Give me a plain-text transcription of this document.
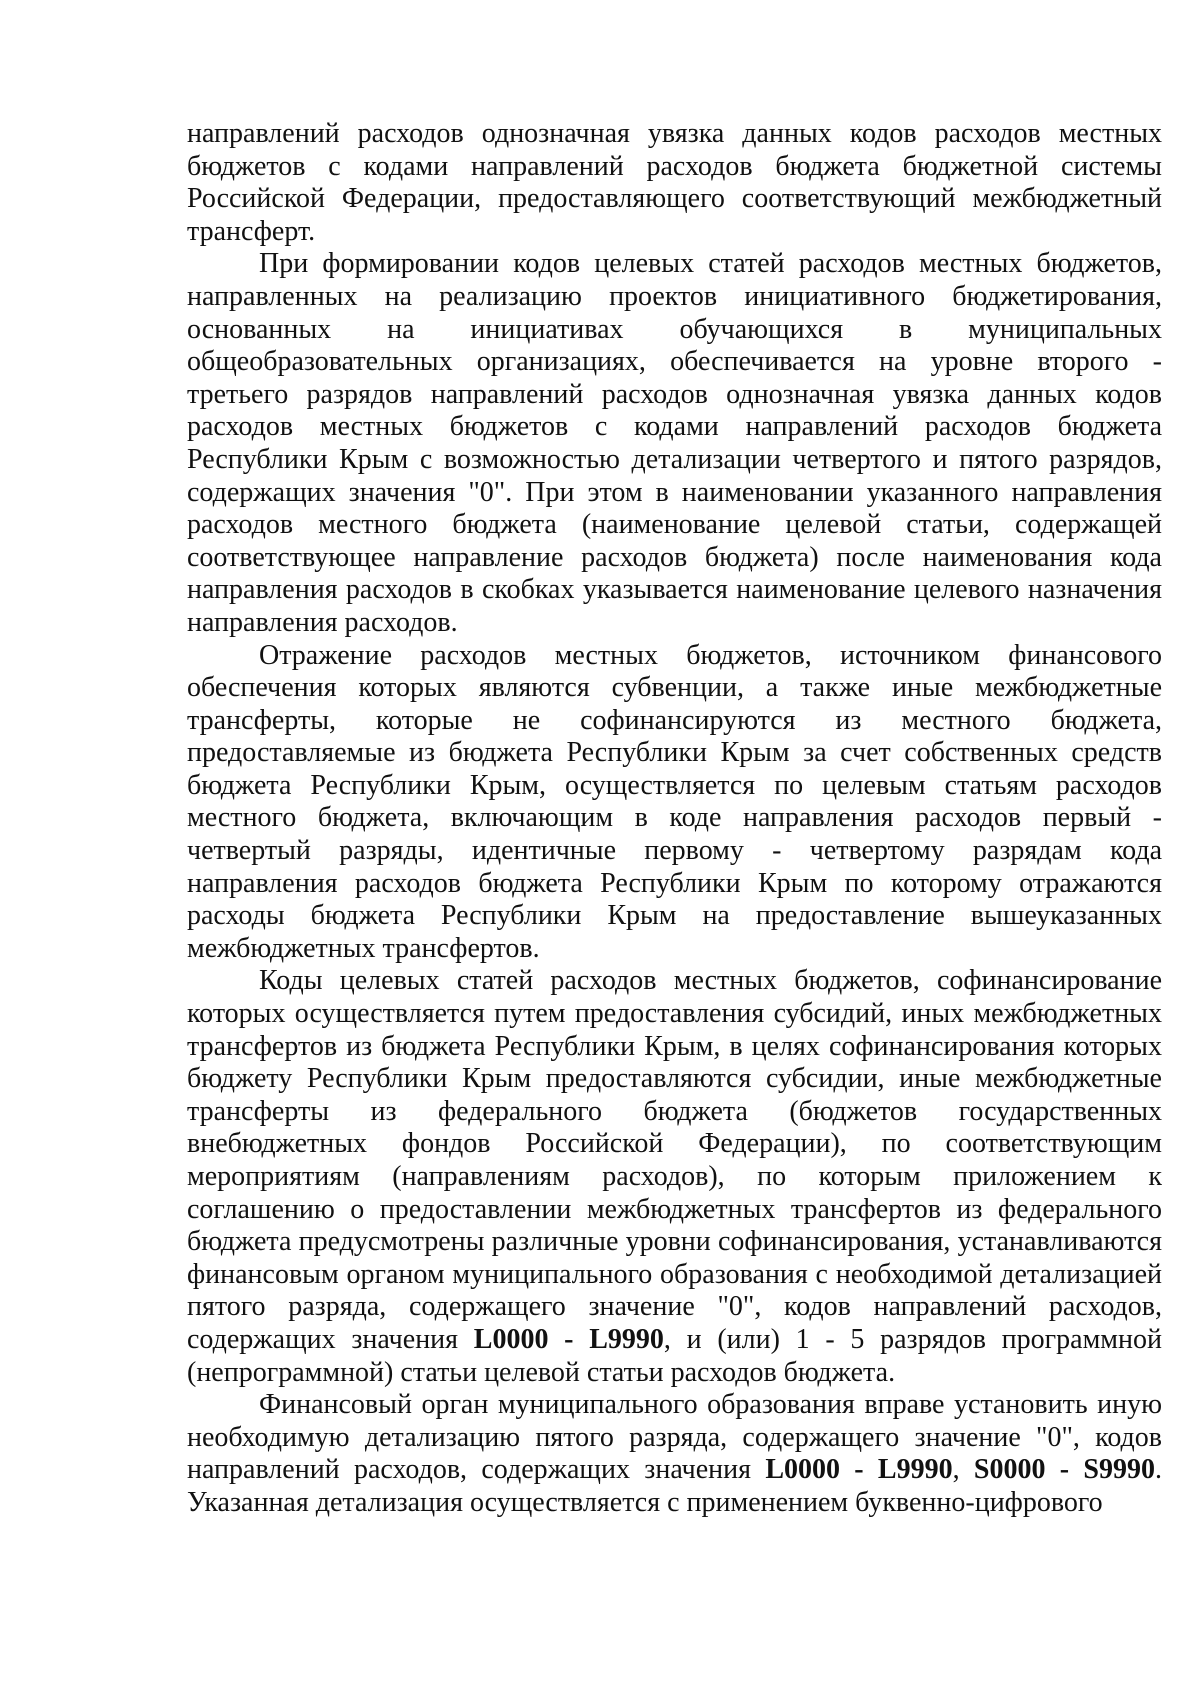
направлений расходов однозначная увязка данных кодов расходов местных бюджетов с кодами направлений расходов бюджета бюджетной системы Российской Федерации, предоставляющего соответствующий межбюджетный трансферт.

При формировании кодов целевых статей расходов местных бюджетов, направленных на реализацию проектов инициативного бюджетирования, основанных на инициативах обучающихся в муниципальных общеобразовательных организациях, обеспечивается на уровне второго - третьего разрядов направлений расходов однозначная увязка данных кодов расходов местных бюджетов с кодами направлений расходов бюджета Республики Крым с возможностью детализации четвертого и пятого разрядов, содержащих значения "0". При этом в наименовании указанного направления расходов местного бюджета (наименование целевой статьи, содержащей соответствующее направление расходов бюджета) после наименования кода направления расходов в скобках указывается наименование целевого назначения направления расходов.

Отражение расходов местных бюджетов, источником финансового обеспечения которых являются субвенции, а также иные межбюджетные трансферты, которые не софинансируются из местного бюджета, предоставляемые из бюджета Республики Крым за счет собственных средств бюджета Республики Крым, осуществляется по целевым статьям расходов местного бюджета, включающим в коде направления расходов первый - четвертый разряды, идентичные первому - четвертому разрядам кода направления расходов бюджета Республики Крым по которому отражаются расходы бюджета Республики Крым на предоставление вышеуказанных межбюджетных трансфертов.

Коды целевых статей расходов местных бюджетов, софинансирование которых осуществляется путем предоставления субсидий, иных межбюджетных трансфертов из бюджета Республики Крым, в целях софинансирования которых бюджету Республики Крым предоставляются субсидии, иные межбюджетные трансферты из федерального бюджета (бюджетов государственных внебюджетных фондов Российской Федерации), по соответствующим мероприятиям (направлениям расходов), по которым приложением к соглашению о предоставлении межбюджетных трансфертов из федерального бюджета предусмотрены различные уровни софинансирования, устанавливаются финансовым органом муниципального образования с необходимой детализацией пятого разряда, содержащего значение "0", кодов направлений расходов, содержащих значения L0000 - L9990, и (или) 1 - 5 разрядов программной (непрограммной) статьи целевой статьи расходов бюджета.

Финансовый орган муниципального образования вправе установить иную необходимую детализацию пятого разряда, содержащего значение "0", кодов направлений расходов, содержащих значения L0000 - L9990, S0000 - S9990. Указанная детализация осуществляется с применением буквенно-цифрового
